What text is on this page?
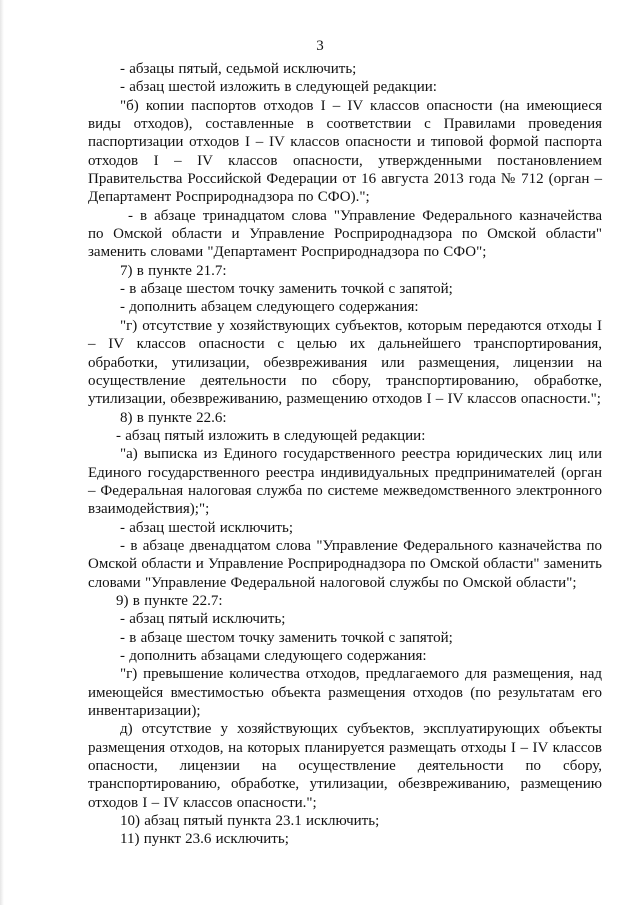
3

- абзацы пятый, седьмой исключить;

- абзац шестой изложить в следующей редакции:

"б) копии паспортов отходов I – IV классов опасности (на имеющиеся виды отходов), составленные в соответствии с Правилами проведения паспортизации отходов I – IV классов опасности и типовой формой паспорта отходов I – IV классов опасности, утвержденными постановлением Правительства Российской Федерации от 16 августа 2013 года № 712 (орган – Департамент Росприроднадзора по СФО).";

- в абзаце тринадцатом слова "Управление Федерального казначейства по Омской области и Управление Росприроднадзора по Омской области" заменить словами "Департамент Росприроднадзора по СФО";

7) в пункте 21.7:

- в абзаце шестом точку заменить точкой с запятой;

- дополнить абзацем следующего содержания:

"г) отсутствие у хозяйствующих субъектов, которым передаются отходы I – IV классов опасности с целью их дальнейшего транспортирования, обработки, утилизации, обезвреживания или размещения, лицензии на осуществление деятельности по сбору, транспортированию, обработке, утилизации, обезвреживанию, размещению отходов I – IV классов опасности.";

8) в пункте 22.6:

- абзац пятый изложить в следующей редакции:

"а) выписка из Единого государственного реестра юридических лиц или Единого государственного реестра индивидуальных предпринимателей (орган – Федеральная налоговая служба по системе межведомственного электронного взаимодействия);";

- абзац шестой исключить;

- в абзаце двенадцатом слова "Управление Федерального казначейства по Омской области и Управление Росприроднадзора по Омской области" заменить словами "Управление Федеральной налоговой службы по Омской области";

9) в пункте 22.7:

- абзац пятый исключить;

- в абзаце шестом точку заменить точкой с запятой;

- дополнить абзацами следующего содержания:

"г) превышение количества отходов, предлагаемого для размещения, над имеющейся вместимостью объекта размещения отходов (по результатам его инвентаризации);

д) отсутствие у хозяйствующих субъектов, эксплуатирующих объекты размещения отходов, на которых планируется размещать отходы I – IV классов опасности, лицензии на осуществление деятельности по сбору, транспортированию, обработке, утилизации, обезвреживанию, размещению отходов I – IV классов опасности.";

10) абзац пятый пункта 23.1 исключить;

11) пункт 23.6 исключить;
